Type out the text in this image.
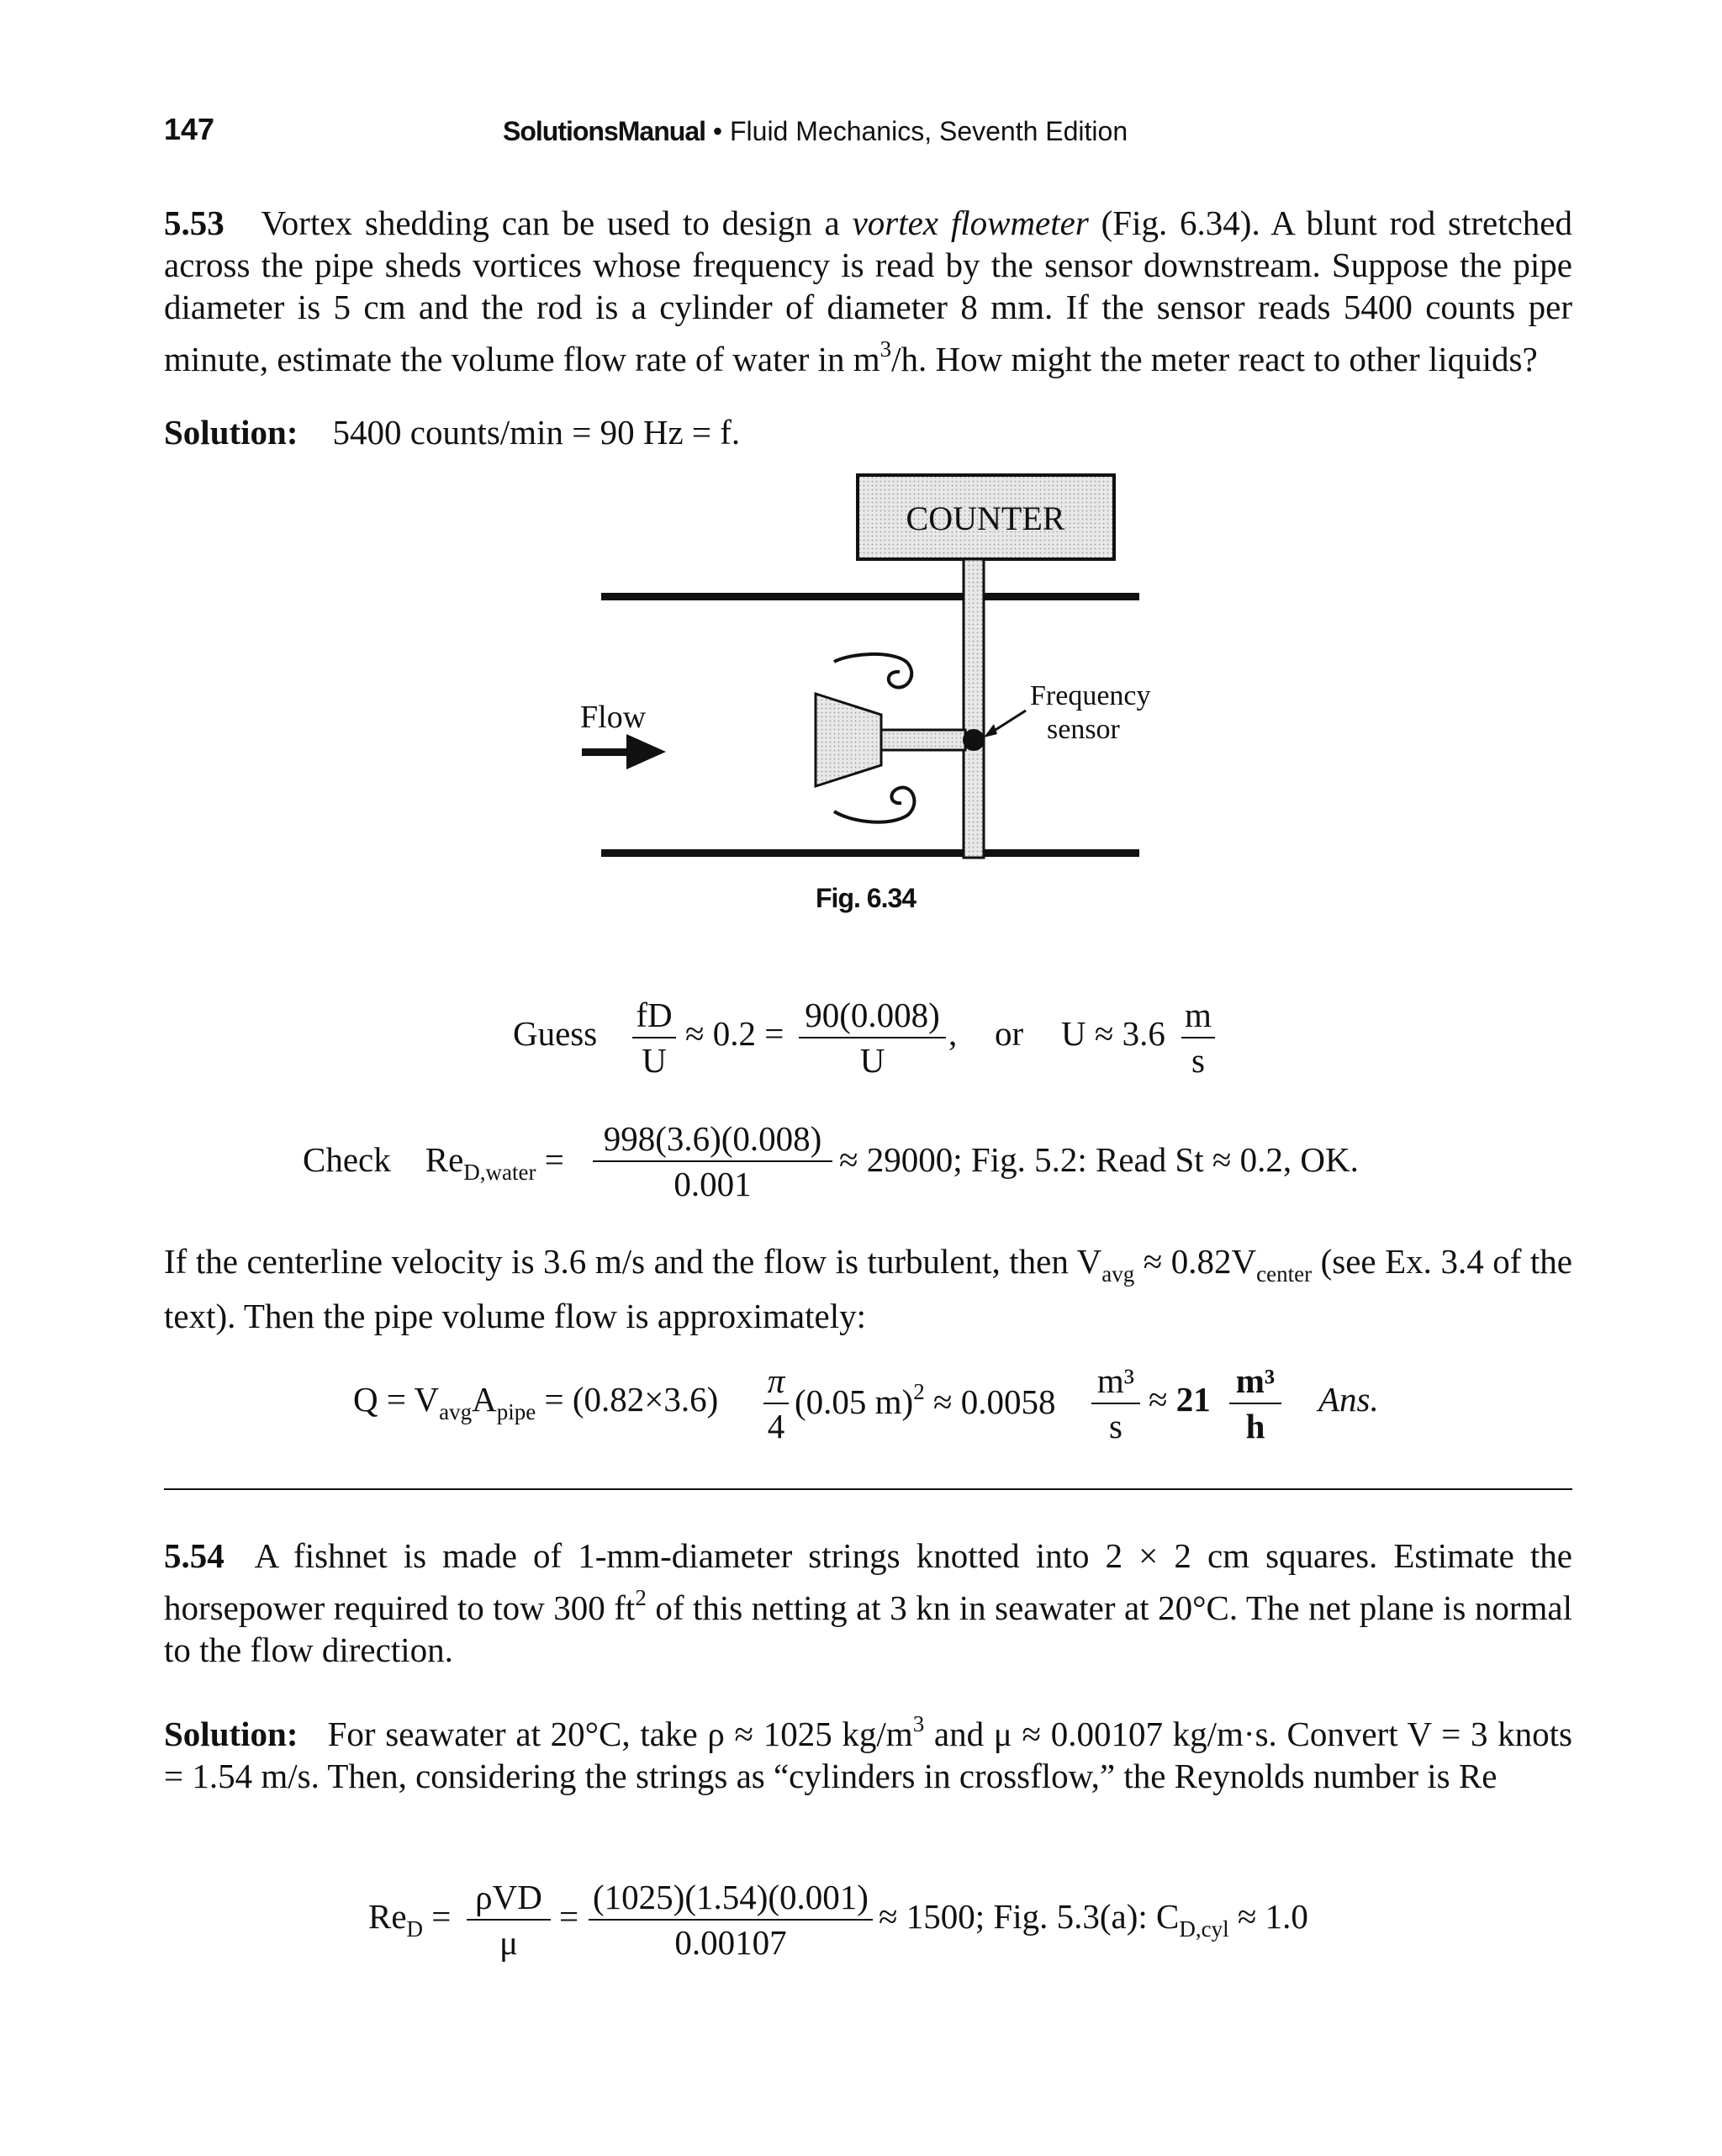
147	SolutionsManual • Fluid Mechanics, Seventh Edition
5.53 Vortex shedding can be used to design a vortex flowmeter (Fig. 6.34). A blunt rod stretched across the pipe sheds vortices whose frequency is read by the sensor downstream. Suppose the pipe diameter is 5 cm and the rod is a cylinder of diameter 8 mm. If the sensor reads 5400 counts per minute, estimate the volume flow rate of water in $m^3/h$. How might the meter react to other liquids?
Solution: 5400 counts/min = 90 Hz = f.
COUNTER
Frequency
sensor
Flow
Fig. 6.34
Guess fD
U
≈ 0.2 = 90(0.008)
U
, or U ≈ 3.6 m
s
Check $Re_{D,water}$ =
998(3.6)(0.008)
0.001
≈ 29000; Fig. 5.2: Read St ≈ 0.2, OK.
If the centerline velocity is 3.6 m/s and the flow is turbulent, then $V_{avg} \approx 0.82V_{center}$ (see Ex. 3.4 of the text). Then the pipe volume flow is approximately:
$Q = V_{avg}A_{pipe} = (0.82\times 3.6)$ π
4
(0.05 m)$^2$ ≈ 0.0058
m³
s
≈ 21 m³
h
Ans.
5.54 A fishnet is made of 1-mm-diameter strings knotted into 2 × 2 cm squares. Estimate the horsepower required to tow 300 $ft^2$ of this netting at 3 kn in seawater at 20°C. The net plane is normal to the flow direction.
Solution: For seawater at 20°C, take ρ ≈ 1025 $kg/m^3$ and μ ≈ 0.00107 kg/m·s. Convert V = 3 knots = 1.54 m/s. Then, considering the strings as “cylinders in crossflow,” the Reynolds number is Re
$Re_D = \rho VD$
μ
= (1025)(1.54)(0.001)
0.00107
≈ 1500; Fig. 5.3(a): $C_{D,cyl} \approx 1.0$
